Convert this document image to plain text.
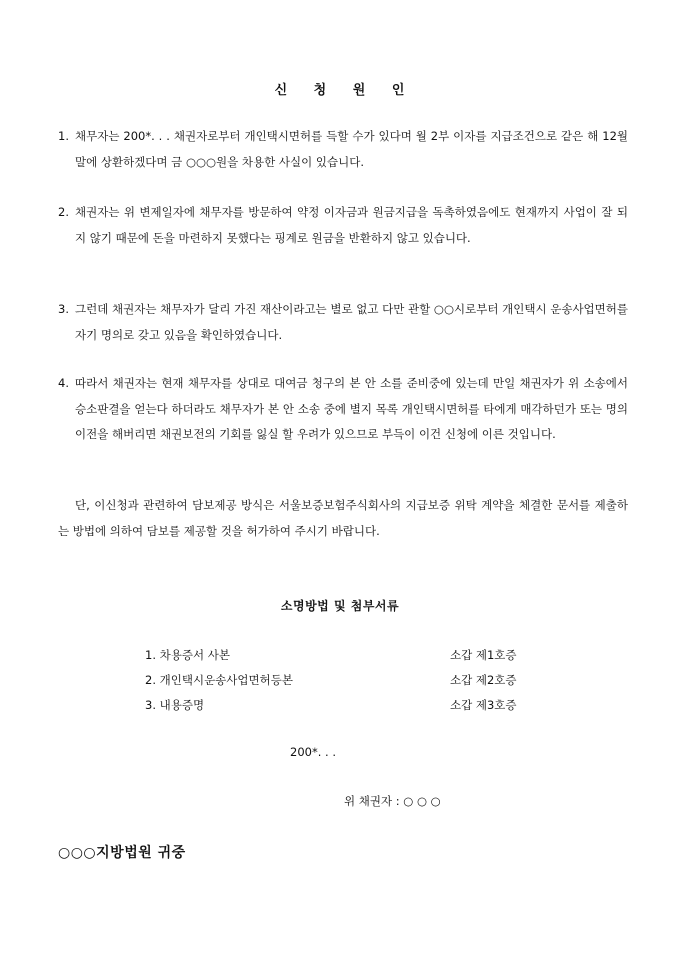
신 청 원 인
1. 채무자는 200*. . . 채권자로부터 개인택시면허를 득할 수가 있다며 월 2부 이자를 지급조건으로 같은 해 12월말에 상환하겠다며 금 ○○○원을 차용한 사실이 있습니다.
2. 채권자는 위 변제일자에 채무자를 방문하여 약정 이자금과 원금지급을 독촉하였음에도 현재까지 사업이 잘 되지 않기 때문에 돈을 마련하지 못했다는 핑계로 원금을 반환하지 않고 있습니다.
3. 그런데 채권자는 채무자가 달리 가진 재산이라고는 별로 없고 다만 관할 ○○시로부터 개인택시 운송사업면허를 자기 명의로 갖고 있음을 확인하였습니다.
4. 따라서 채권자는 현재 채무자를 상대로 대여금 청구의 본 안 소를 준비중에 있는데 만일 채권자가 위 소송에서 승소판결을 얻는다 하더라도 채무자가 본 안 소송 중에 별지 목록 개인택시면허를 타에게 매각하던가 또는 명의이전을 해버리면 채권보전의 기회를 잃실 할 우려가 있으므로 부득이 이건 신청에 이른 것입니다.
단, 이신청과 관련하여 담보제공 방식은 서울보증보험주식회사의 지급보증 위탁 계약을 체결한 문서를 제출하는 방법에 의하여 담보를 제공할 것을 허가하여 주시기 바랍니다.
소명방법 및 첨부서류
1. 차용증서 사본	소갑 제1호증
2. 개인택시운송사업면허등본	소갑 제2호증
3. 내용증명	소갑 제3호증
200*. . .
위 채권자 : ○ ○ ○
○○○지방법원 귀중
